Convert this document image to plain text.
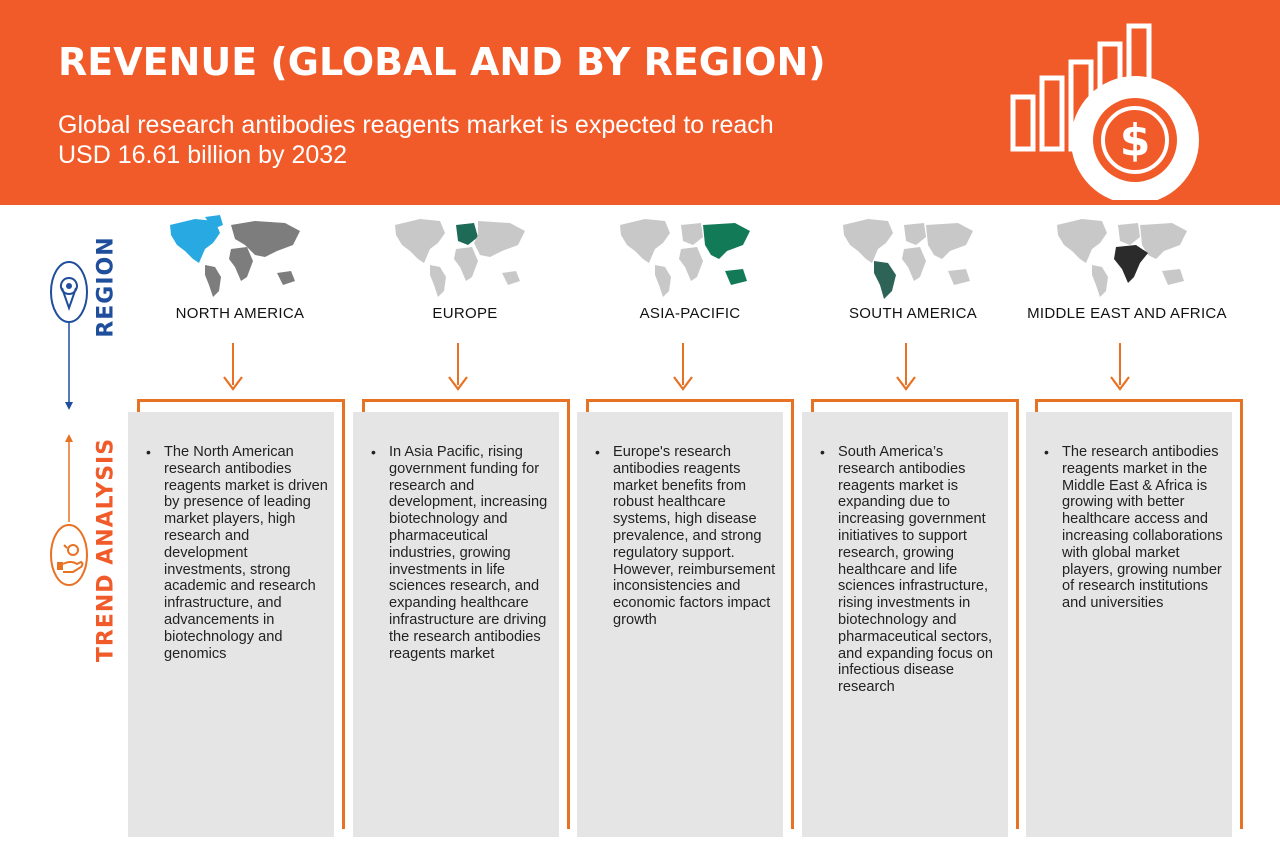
REVENUE (GLOBAL AND BY REGION)
Global research antibodies reagents market is expected to reach USD 16.61 billion by 2032	$
REGION
TREND ANALYSIS
NORTH AMERICA
• The North American research antibodies reagents market is driven by presence of leading market players, high research and development investments, strong academic and research infrastructure, and advancements in biotechnology and genomics
EUROPE
• In Asia Pacific, rising government funding for research and development, increasing biotechnology and pharmaceutical industries, growing investments in life sciences research, and expanding healthcare infrastructure are driving the research antibodies reagents market
ASIA-PACIFIC
• Europe's research antibodies reagents market benefits from robust healthcare systems, high disease prevalence, and strong regulatory support. However, reimbursement inconsistencies and economic factors impact growth
SOUTH AMERICA
• South America’s research antibodies reagents market is expanding due to increasing government initiatives to support research, growing healthcare and life sciences infrastructure, rising investments in biotechnology and pharmaceutical sectors, and expanding focus on infectious disease research
MIDDLE EAST AND AFRICA
• The research antibodies reagents market in the Middle East & Africa is growing with better healthcare access and increasing collaborations with global market players, growing number of research institutions and universities
